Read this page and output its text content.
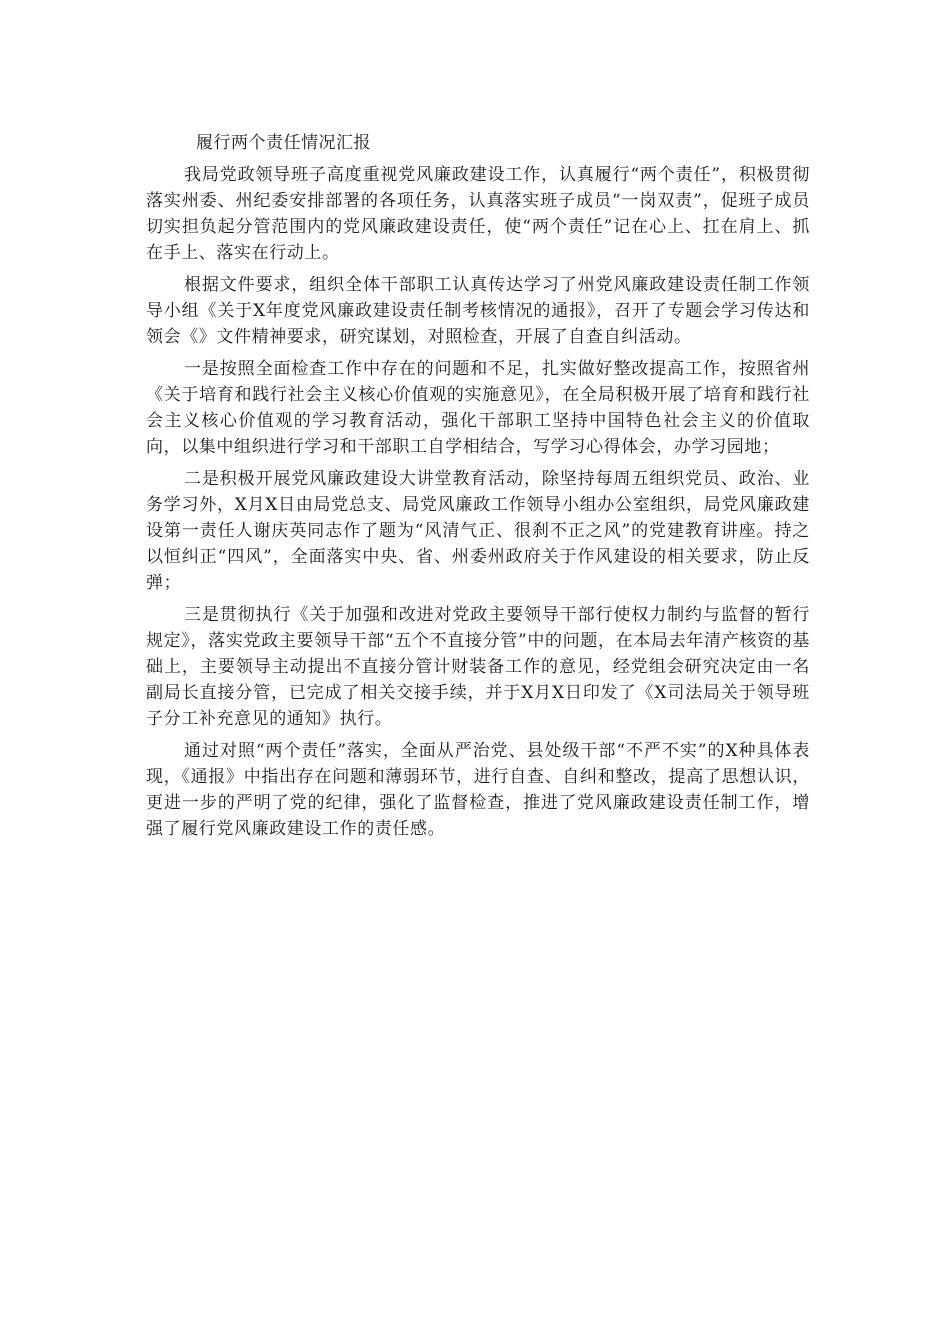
履行两个责任情况汇报

我局党政领导班子高度重视党风廉政建设工作，认真履行“两个责任”，积极贯彻落实州委、州纪委安排部署的各项任务，认真落实班子成员“一岗双责”，促班子成员切实担负起分管范围内的党风廉政建设责任，使“两个责任”记在心上、扛在肩上、抓在手上、落实在行动上。

根据文件要求，组织全体干部职工认真传达学习了州党风廉政建设责任制工作领导小组《关于X年度党风廉政建设责任制考核情况的通报》，召开了专题会学习传达和领会《》文件精神要求，研究谋划，对照检查，开展了自查自纠活动。

一是按照全面检查工作中存在的问题和不足，扎实做好整改提高工作，按照省州《关于培育和践行社会主义核心价值观的实施意见》，在全局积极开展了培育和践行社会主义核心价值观的学习教育活动，强化干部职工坚持中国特色社会主义的价值取向，以集中组织进行学习和干部职工自学相结合，写学习心得体会，办学习园地；

二是积极开展党风廉政建设大讲堂教育活动，除坚持每周五组织党员、政治、业务学习外，X月X日由局党总支、局党风廉政工作领导小组办公室组织，局党风廉政建设第一责任人谢庆英同志作了题为“风清气正、很刹不正之风”的党建教育讲座。持之以恒纠正“四风”，全面落实中央、省、州委州政府关于作风建设的相关要求，防止反弹；

三是贯彻执行《关于加强和改进对党政主要领导干部行使权力制约与监督的暂行规定》，落实党政主要领导干部“五个不直接分管”中的问题，在本局去年清产核资的基础上，主要领导主动提出不直接分管计财装备工作的意见，经党组会研究决定由一名副局长直接分管，已完成了相关交接手续，并于X月X日印发了《X司法局关于领导班子分工补充意见的通知》执行。

通过对照“两个责任”落实，全面从严治党、县处级干部“不严不实”的X种具体表现，《通报》中指出存在问题和薄弱环节，进行自查、自纠和整改，提高了思想认识，更进一步的严明了党的纪律，强化了监督检查，推进了党风廉政建设责任制工作，增强了履行党风廉政建设工作的责任感。
